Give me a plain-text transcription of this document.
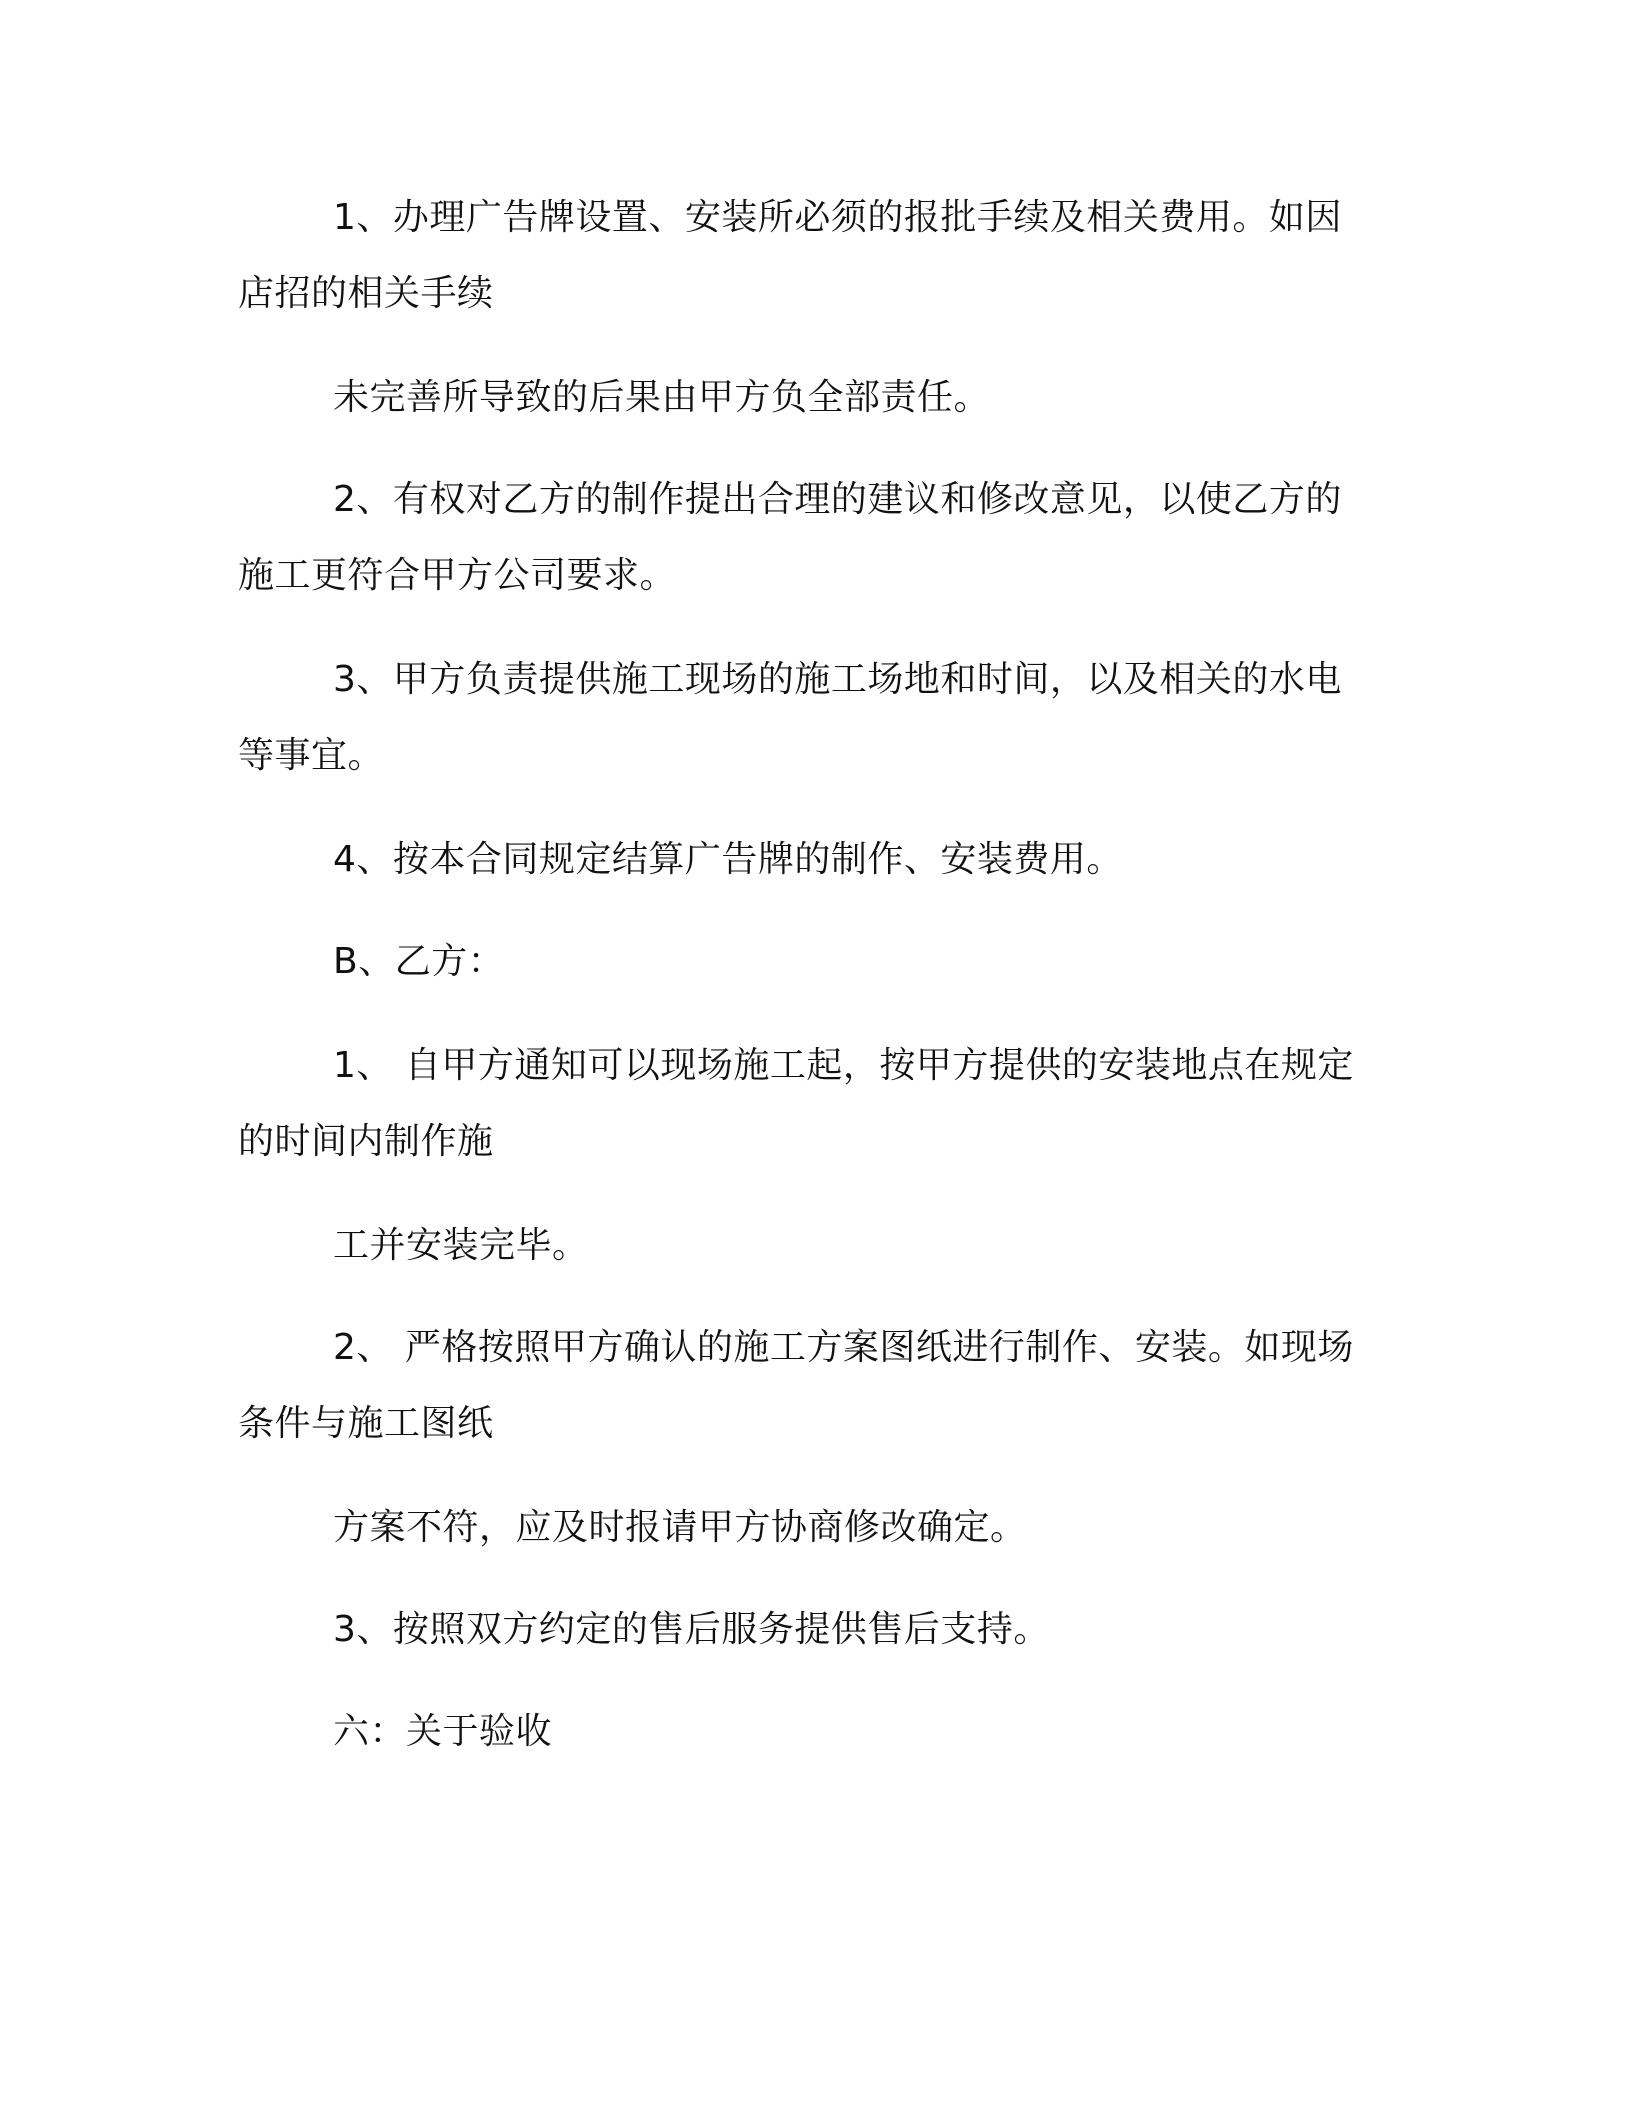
1、办理广告牌设置、安装所必须的报批手续及相关费用。如因

店招的相关手续

未完善所导致的后果由甲方负全部责任。

2、有权对乙方的制作提出合理的建议和修改意见，以使乙方的

施工更符合甲方公司要求。

3、甲方负责提供施工现场的施工场地和时间，以及相关的水电

等事宜。

4、按本合同规定结算广告牌的制作、安装费用。

B、乙方：

1、 自甲方通知可以现场施工起，按甲方提供的安装地点在规定

的时间内制作施

工并安装完毕。

2、 严格按照甲方确认的施工方案图纸进行制作、安装。如现场

条件与施工图纸

方案不符，应及时报请甲方协商修改确定。

3、按照双方约定的售后服务提供售后支持。

六：关于验收
